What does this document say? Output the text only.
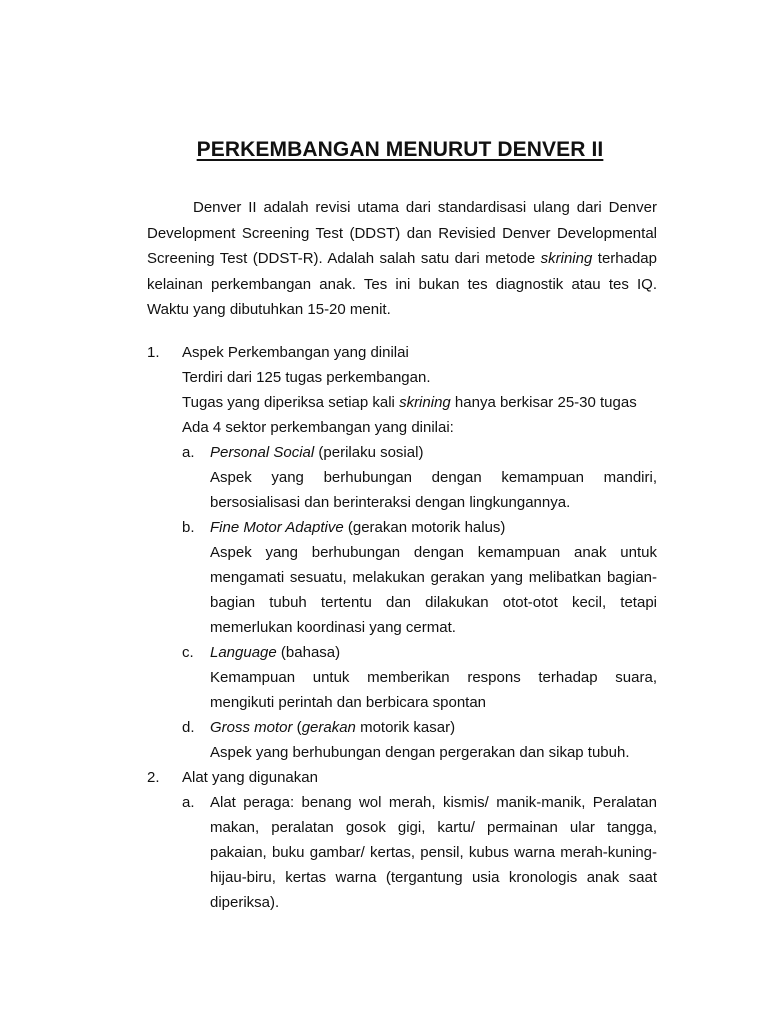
PERKEMBANGAN MENURUT DENVER II
Denver II adalah revisi utama dari standardisasi ulang dari Denver Development Screening Test (DDST) dan Revisied Denver Developmental Screening Test (DDST-R). Adalah salah satu dari metode skrining terhadap kelainan perkembangan anak. Tes ini bukan tes diagnostik atau tes IQ. Waktu yang dibutuhkan 15-20 menit.
1. Aspek Perkembangan yang dinilai
Terdiri dari 125 tugas perkembangan.
Tugas yang diperiksa setiap kali skrining hanya berkisar 25-30 tugas
Ada 4 sektor perkembangan yang dinilai:
a. Personal Social (perilaku sosial)
Aspek yang berhubungan dengan kemampuan mandiri, bersosialisasi dan berinteraksi dengan lingkungannya.
b. Fine Motor Adaptive (gerakan motorik halus)
Aspek yang berhubungan dengan kemampuan anak untuk mengamati sesuatu, melakukan gerakan yang melibatkan bagian-bagian tubuh tertentu dan dilakukan otot-otot kecil, tetapi memerlukan koordinasi yang cermat.
c. Language (bahasa)
Kemampuan untuk memberikan respons terhadap suara, mengikuti perintah dan berbicara spontan
d. Gross motor (gerakan motorik kasar)
Aspek yang berhubungan dengan pergerakan dan sikap tubuh.
2. Alat yang digunakan
a. Alat peraga: benang wol merah, kismis/ manik-manik, Peralatan makan, peralatan gosok gigi, kartu/ permainan ular tangga, pakaian, buku gambar/ kertas, pensil, kubus warna merah-kuning-hijau-biru, kertas warna (tergantung usia kronologis anak saat diperiksa).
